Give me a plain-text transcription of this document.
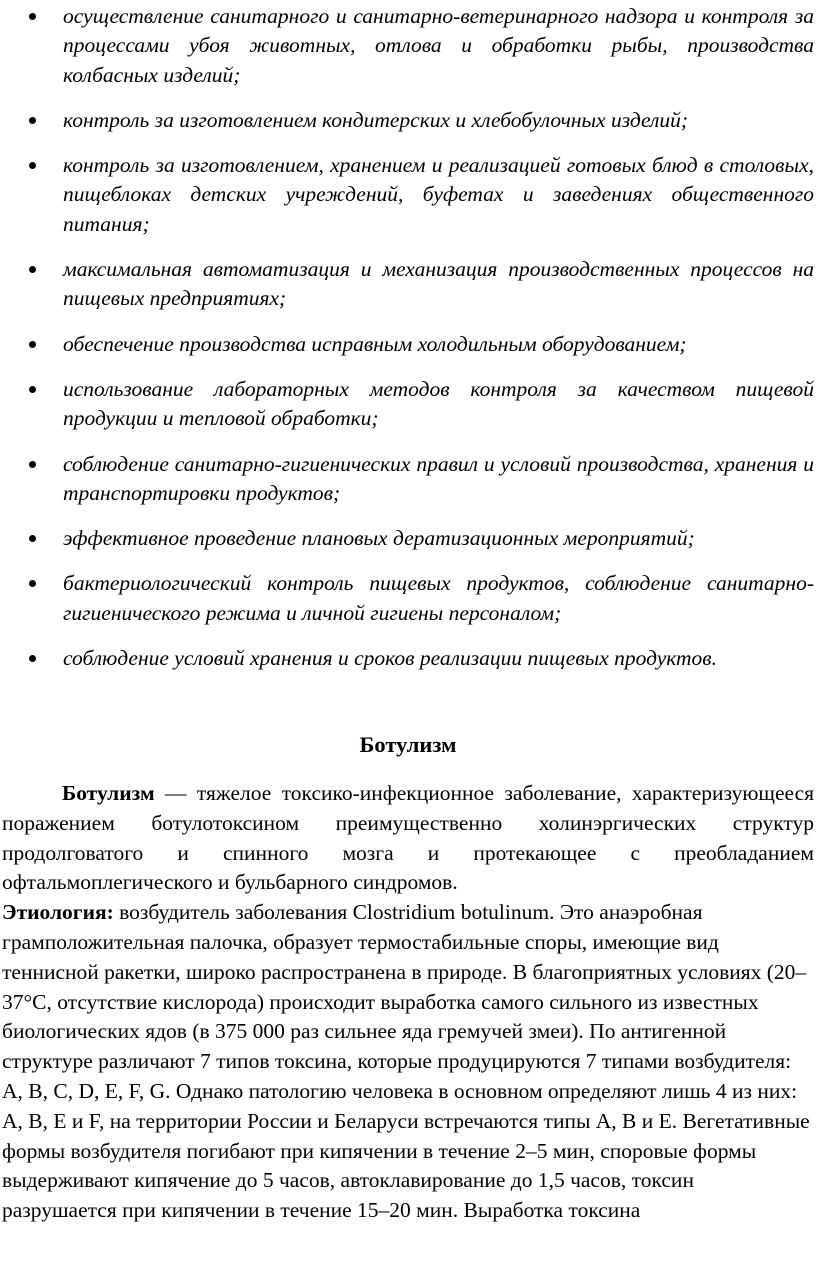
осуществление санитарного и санитарно-ветеринарного надзора и контроля за процессами убоя животных, отлова и обработки рыбы, производства колбасных изделий;
контроль за изготовлением кондитерских и хлебобулочных изделий;
контроль за изготовлением, хранением и реализацией готовых блюд в столовых, пищеблоках детских учреждений, буфетах и заведениях общественного питания;
максимальная автоматизация и механизация производственных процессов на пищевых предприятиях;
обеспечение производства исправным холодильным оборудованием;
использование лабораторных методов контроля за качеством пищевой продукции и тепловой обработки;
соблюдение санитарно-гигиенических правил и условий производства, хранения и транспортировки продуктов;
эффективное проведение плановых дератизационных мероприятий;
бактериологический контроль пищевых продуктов, соблюдение санитарно-гигиенического режима и личной гигиены персоналом;
соблюдение условий хранения и сроков реализации пищевых продуктов.
Ботулизм

Ботулизм — тяжелое токсико-инфекционное заболевание, характеризующееся поражением ботулотоксином преимущественно холинэргических структур продолговатого и спинного мозга и протекающее с преобладанием офтальмоплегического и бульбарного синдромов.

Этиология: возбудитель заболевания Clostridium botulinum. Это анаэробная грамположительная палочка, образует термостабильные споры, имеющие вид теннисной ракетки, широко распространена в природе. В благоприятных условиях (20–37°С, отсутствие кислорода) происходит выработка самого сильного из известных биологических ядов (в 375 000 раз сильнее яда гремучей змеи). По антигенной структуре различают 7 типов токсина, которые продуцируются 7 типами возбудителя: А, В, С, D, Е, F, G. Однако патологию человека в основном определяют лишь 4 из них: А, В, Е и F, на территории России и Беларуси встречаются типы А, В и Е. Вегетативные формы возбудителя погибают при кипячении в течение 2–5 мин, споровые формы выдерживают кипячение до 5 часов, автоклавирование до 1,5 часов, токсин разрушается при кипячении в течение 15–20 мин. Выработка токсина
